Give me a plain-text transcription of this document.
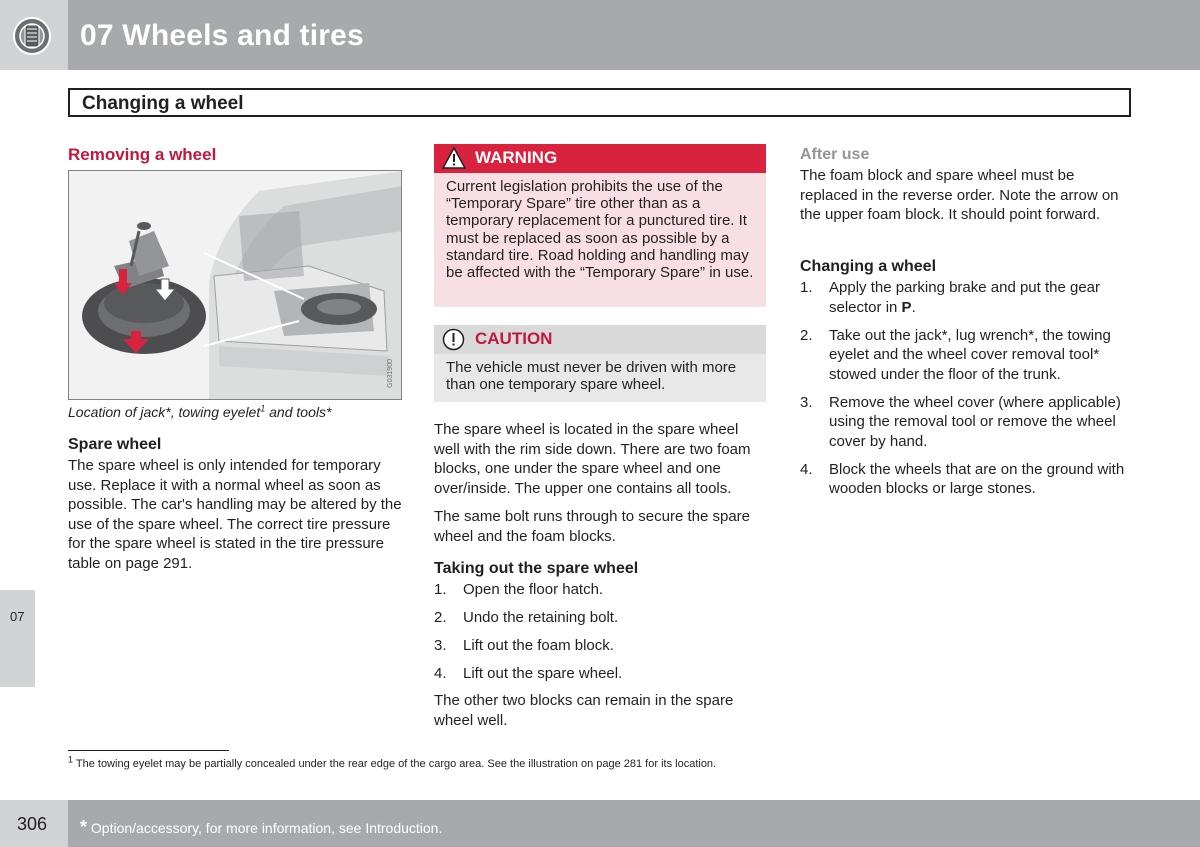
07 Wheels and tires
Changing a wheel
Removing a wheel
G031900
Location of jack*, towing eyelet$^1$ and tools*
Spare wheel
The spare wheel is only intended for temporary use. Replace it with a normal wheel as soon as possible. The car's handling may be altered by the use of the spare wheel. The correct tire pressure for the spare wheel is stated in the tire pressure table on page 291.
WARNING
Current legislation prohibits the use of the “Temporary Spare” tire other than as a temporary replacement for a punctured tire. It must be replaced as soon as possible by a standard tire. Road holding and handling may be affected with the “Temporary Spare” in use.
CAUTION
The vehicle must never be driven with more than one temporary spare wheel.
The spare wheel is located in the spare wheel well with the rim side down. There are two foam blocks, one under the spare wheel and one over/inside. The upper one contains all tools.
The same bolt runs through to secure the spare wheel and the foam blocks.
Taking out the spare wheel
1. Open the floor hatch.
2. Undo the retaining bolt.
3. Lift out the foam block.
4. Lift out the spare wheel.
The other two blocks can remain in the spare wheel well.
After use
The foam block and spare wheel must be replaced in the reverse order. Note the arrow on the upper foam block. It should point forward.
Changing a wheel
1. Apply the parking brake and put the gear selector in P.
2. Take out the jack*, lug wrench*, the towing eyelet and the wheel cover removal tool* stowed under the floor of the trunk.
3. Remove the wheel cover (where applicable) using the removal tool or remove the wheel cover by hand.
4. Block the wheels that are on the ground with wooden blocks or large stones.
07
$^1$ The towing eyelet may be partially concealed under the rear edge of the cargo area. See the illustration on page 281 for its location.
306 * Option/accessory, for more information, see Introduction.
